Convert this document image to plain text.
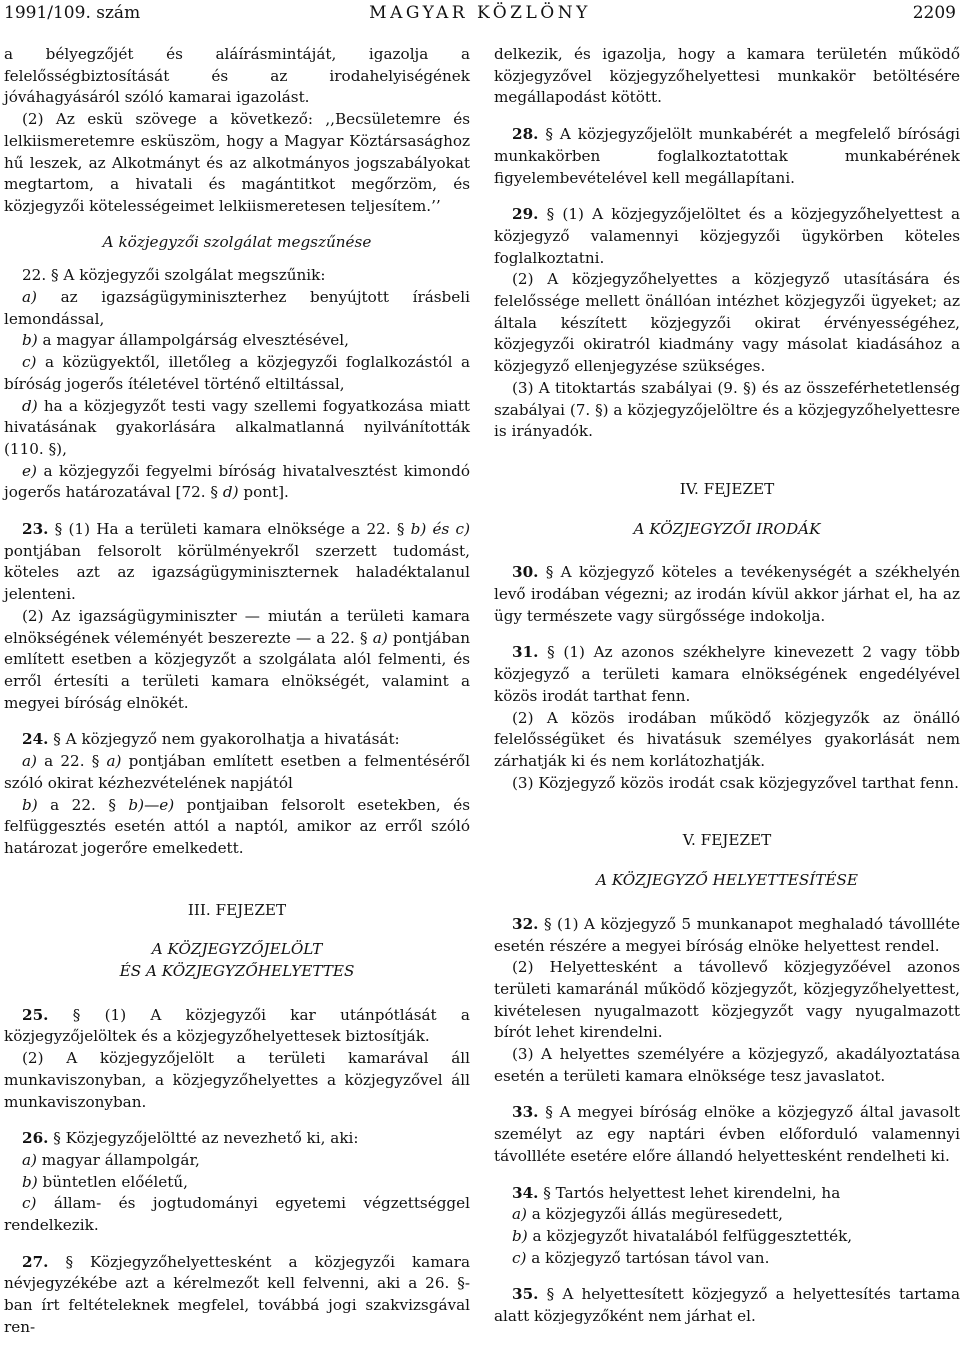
1991/109. szám	MAGYAR KÖZLÖNY	2209

a bélyegzőjét és aláírásmintáját, igazolja a felelősségbiztosítását és az irodahelyiségének jóváhagyásáról szóló kamarai igazolást.

(2) Az eskü szövege a következő: ,,Becsületemre és lelkiismeretemre esküszöm, hogy a Magyar Köztársasághoz hű leszek, az Alkotmányt és az alkotmányos jogszabályokat megtartom, a hivatali és magántitkot megőrzöm, és közjegyzői kötelességeimet lelkiismeretesen teljesítem.’’

A közjegyzői szolgálat megszűnése

22. § A közjegyzői szolgálat megszűnik:

a) az igazságügyminiszterhez benyújtott írásbeli lemondással,

b) a magyar állampolgárság elvesztésével,

c) a közügyektől, illetőleg a közjegyzői foglalkozástól a bíróság jogerős ítéletével történő eltiltással,

d) ha a közjegyzőt testi vagy szellemi fogyatkozása miatt hivatásának gyakorlására alkalmatlanná nyilvánították (110. §),

e) a közjegyzői fegyelmi bíróság hivatalvesztést kimondó jogerős határozatával [72. § d) pont].

23. § (1) Ha a területi kamara elnöksége a 22. § b) és c) pontjában felsorolt körülményekről szerzett tudomást, köteles azt az igazságügyminiszternek haladéktalanul jelenteni.

(2) Az igazságügyminiszter — miután a területi kamara elnökségének véleményét beszerezte — a 22. § a) pontjában említett esetben a közjegyzőt a szolgálata alól felmenti, és erről értesíti a területi kamara elnökségét, valamint a megyei bíróság elnökét.

24. § A közjegyző nem gyakorolhatja a hivatását:

a) a 22. § a) pontjában említett esetben a felmentéséről szóló okirat kézhezvételének napjától

b) a 22. § b)—e) pontjaiban felsorolt esetekben, és felfüggesztés esetén attól a naptól, amikor az erről szóló határozat jogerőre emelkedett.

III. FEJEZET

A KÖZJEGYZŐJELÖLT

ÉS A KÖZJEGYZŐHELYETTES

25. § (1) A közjegyzői kar utánpótlását a közjegyzőjelöltek és a közjegyzőhelyettesek biztosítják.

(2) A közjegyzőjelölt a területi kamarával áll munkaviszonyban, a közjegyzőhelyettes a közjegyzővel áll munkaviszonyban.

26. § Közjegyzőjelöltté az nevezhető ki, aki:

a) magyar állampolgár,

b) büntetlen előéletű,

c) állam- és jogtudományi egyetemi végzettséggel rendelkezik.

27. § Közjegyzőhelyettesként a közjegyzői kamara névjegyzékébe azt a kérelmezőt kell felvenni, aki a 26. §-ban írt feltételeknek megfelel, továbbá jogi szakvizsgával ren-

delkezik, és igazolja, hogy a kamara területén működő közjegyzővel közjegyzőhelyettesi munkakör betöltésére megállapodást kötött.

28. § A közjegyzőjelölt munkabérét a megfelelő bírósági munkakörben foglalkoztatottak munkabérének figyelembevételével kell megállapítani.

29. § (1) A közjegyzőjelöltet és a közjegyzőhelyettest a közjegyző valamennyi közjegyzői ügykörben köteles foglalkoztatni.

(2) A közjegyzőhelyettes a közjegyző utasítására és felelőssége mellett önállóan intézhet közjegyzői ügyeket; az általa készített közjegyzői okirat érvényességéhez, közjegyzői okiratról kiadmány vagy másolat kiadásához a közjegyző ellenjegyzése szükséges.

(3) A titoktartás szabályai (9. §) és az összeférhetetlenség szabályai (7. §) a közjegyzőjelöltre és a közjegyzőhelyettesre is irányadók.

IV. FEJEZET

A KÖZJEGYZŐI IRODÁK

30. § A közjegyző köteles a tevékenységét a székhelyén levő irodában végezni; az irodán kívül akkor járhat el, ha az ügy természete vagy sürgőssége indokolja.

31. § (1) Az azonos székhelyre kinevezett 2 vagy több közjegyző a területi kamara elnökségének engedélyével közös irodát tarthat fenn.

(2) A közös irodában működő közjegyzők az önálló felelősségüket és hivatásuk személyes gyakorlását nem zárhatják ki és nem korlátozhatják.

(3) Közjegyző közös irodát csak közjegyzővel tarthat fenn.

V. FEJEZET

A KÖZJEGYZŐ HELYETTESÍTÉSE

32. § (1) A közjegyző 5 munkanapot meghaladó távollléte esetén részére a megyei bíróság elnöke helyettest rendel.

(2) Helyettesként a távollevő közjegyzőével azonos területi kamaránál működő közjegyzőt, közjegyzőhelyettest, kivételesen nyugalmazott közjegyzőt vagy nyugalmazott bírót lehet kirendelni.

(3) A helyettes személyére a közjegyző, akadályoztatása esetén a területi kamara elnöksége tesz javaslatot.

33. § A megyei bíróság elnöke a közjegyző által javasolt személyt az egy naptári évben előforduló valamennyi távollléte esetére előre állandó helyettesként rendelheti ki.

34. § Tartós helyettest lehet kirendelni, ha

a) a közjegyzői állás megüresedett,

b) a közjegyzőt hivatalából felfüggesztették,

c) a közjegyző tartósan távol van.

35. § A helyettesített közjegyző a helyettesítés tartama alatt közjegyzőként nem járhat el.
